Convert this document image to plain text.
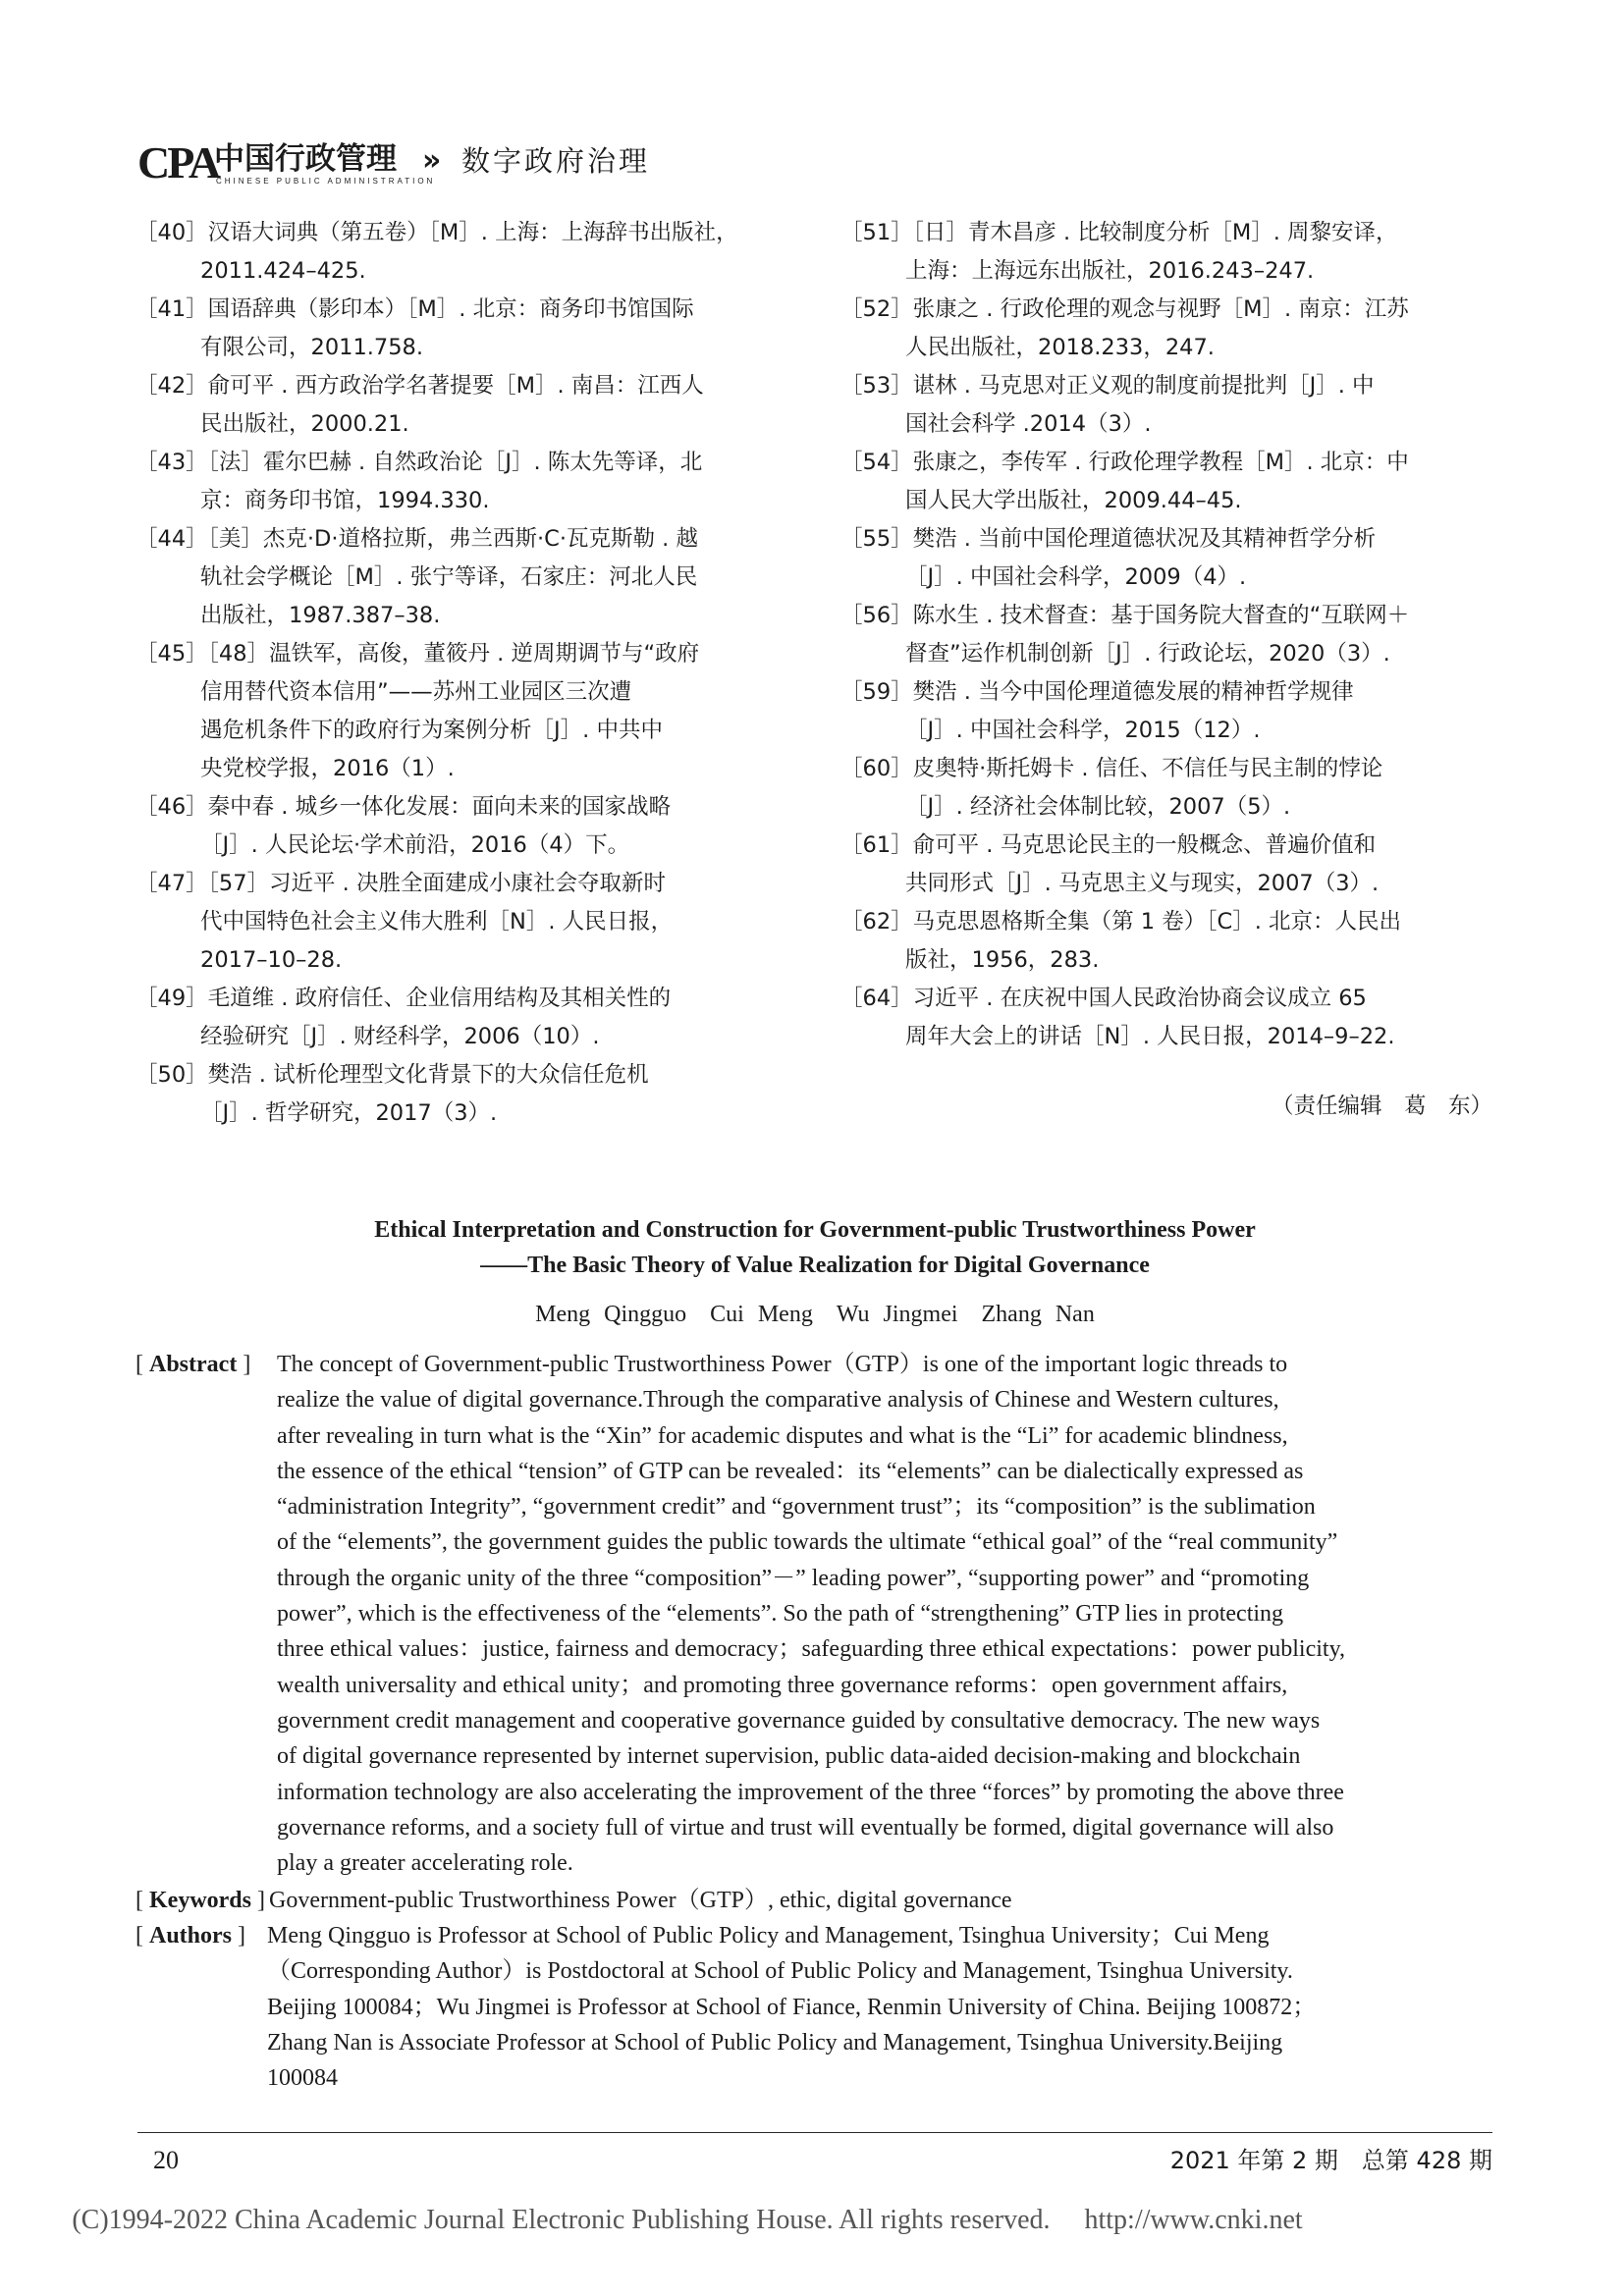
CPA
中国行政管理
CHINESE PUBLIC ADMINISTRATION
» 数字政府治理

［40］汉语大词典（第五卷）［M］. 上海：上海辞书出版社，
2011.424–425.

［41］国语辞典（影印本）［M］. 北京：商务印书馆国际
有限公司，2011.758.

［42］俞可平 . 西方政治学名著提要［M］. 南昌：江西人
民出版社，2000.21.

［43］［法］霍尔巴赫 . 自然政治论［J］. 陈太先等译，北
京：商务印书馆，1994.330.

［44］［美］杰克·D·道格拉斯，弗兰西斯·C·瓦克斯勒 . 越
轨社会学概论［M］. 张宁等译，石家庄：河北人民
出版社，1987.387–38.

［45］［48］温铁军，高俊，董筱丹 . 逆周期调节与“政府
信用替代资本信用”——苏州工业园区三次遭
遇危机条件下的政府行为案例分析［J］. 中共中
央党校学报，2016（1）.

［46］秦中春 . 城乡一体化发展：面向未来的国家战略
［J］. 人民论坛·学术前沿，2016（4）下。

［47］［57］习近平 . 决胜全面建成小康社会夺取新时
代中国特色社会主义伟大胜利［N］. 人民日报，
2017–10–28.

［49］毛道维 . 政府信任、企业信用结构及其相关性的
经验研究［J］. 财经科学，2006（10）.

［50］樊浩 . 试析伦理型文化背景下的大众信任危机
［J］. 哲学研究，2017（3）.

［51］［日］青木昌彦 . 比较制度分析［M］. 周黎安译，
上海：上海远东出版社，2016.243–247.

［52］张康之 . 行政伦理的观念与视野［M］. 南京：江苏
人民出版社，2018.233，247.

［53］谌林 . 马克思对正义观的制度前提批判［J］. 中
国社会科学 .2014（3）.

［54］张康之，李传军 . 行政伦理学教程［M］. 北京：中
国人民大学出版社，2009.44–45.

［55］樊浩 . 当前中国伦理道德状况及其精神哲学分析
［J］. 中国社会科学，2009（4）.

［56］陈水生 . 技术督查：基于国务院大督查的“互联网＋
督查”运作机制创新［J］. 行政论坛，2020（3）.

［59］樊浩 . 当今中国伦理道德发展的精神哲学规律
［J］. 中国社会科学，2015（12）.

［60］皮奥特·斯托姆卡 . 信任、不信任与民主制的悖论
［J］. 经济社会体制比较，2007（5）.

［61］俞可平 . 马克思论民主的一般概念、普遍价值和
共同形式［J］. 马克思主义与现实，2007（3）.

［62］马克思恩格斯全集（第 1 卷）［C］. 北京：人民出
版社，1956，283.

［64］习近平 . 在庆祝中国人民政治协商会议成立 65
周年大会上的讲话［N］. 人民日报，2014–9–22.

（责任编辑　葛　东）
Ethical Interpretation and Construction for Government-public Trustworthiness Power
——The Basic Theory of Value Realization for Digital Governance
Meng Qingguo　Cui Meng　Wu Jingmei　Zhang Nan
[ Abstract ]	The concept of Government-public Trustworthiness Power（GTP）is one of the important logic threads to
realize the value of digital governance.Through the comparative analysis of Chinese and Western cultures,
after revealing in turn what is the “Xin” for academic disputes and what is the “Li” for academic blindness,
the essence of the ethical “tension” of GTP can be revealed：its “elements” can be dialectically expressed as
“administration Integrity”, “government credit” and “government trust”；its “composition” is the sublimation
of the “elements”, the government guides the public towards the ultimate “ethical goal” of the “real community”
through the organic unity of the three “composition”－” leading power”, “supporting power” and “promoting
power”, which is the effectiveness of the “elements”. So the path of “strengthening” GTP lies in protecting
three ethical values：justice, fairness and democracy；safeguarding three ethical expectations：power publicity,
wealth universality and ethical unity；and promoting three governance reforms：open government affairs,
government credit management and cooperative governance guided by consultative democracy. The new ways
of digital governance represented by internet supervision, public data-aided decision-making and blockchain
information technology are also accelerating the improvement of the three “forces” by promoting the above three
governance reforms, and a society full of virtue and trust will eventually be formed, digital governance will also
play a greater accelerating role.

[ Keywords ] Government-public Trustworthiness Power（GTP）, ethic, digital governance

[ Authors ] Meng Qingguo is Professor at School of Public Policy and Management, Tsinghua University；Cui Meng
（Corresponding Author）is Postdoctoral at School of Public Policy and Management, Tsinghua University.
Beijing 100084；Wu Jingmei is Professor at School of Fiance, Renmin University of China. Beijing 100872；
Zhang Nan is Associate Professor at School of Public Policy and Management, Tsinghua University.Beijing
100084

20	2021 年第 2 期　总第 428 期
(C)1994-2022 China Academic Journal Electronic Publishing House. All rights reserved.　 http://www.cnki.net
